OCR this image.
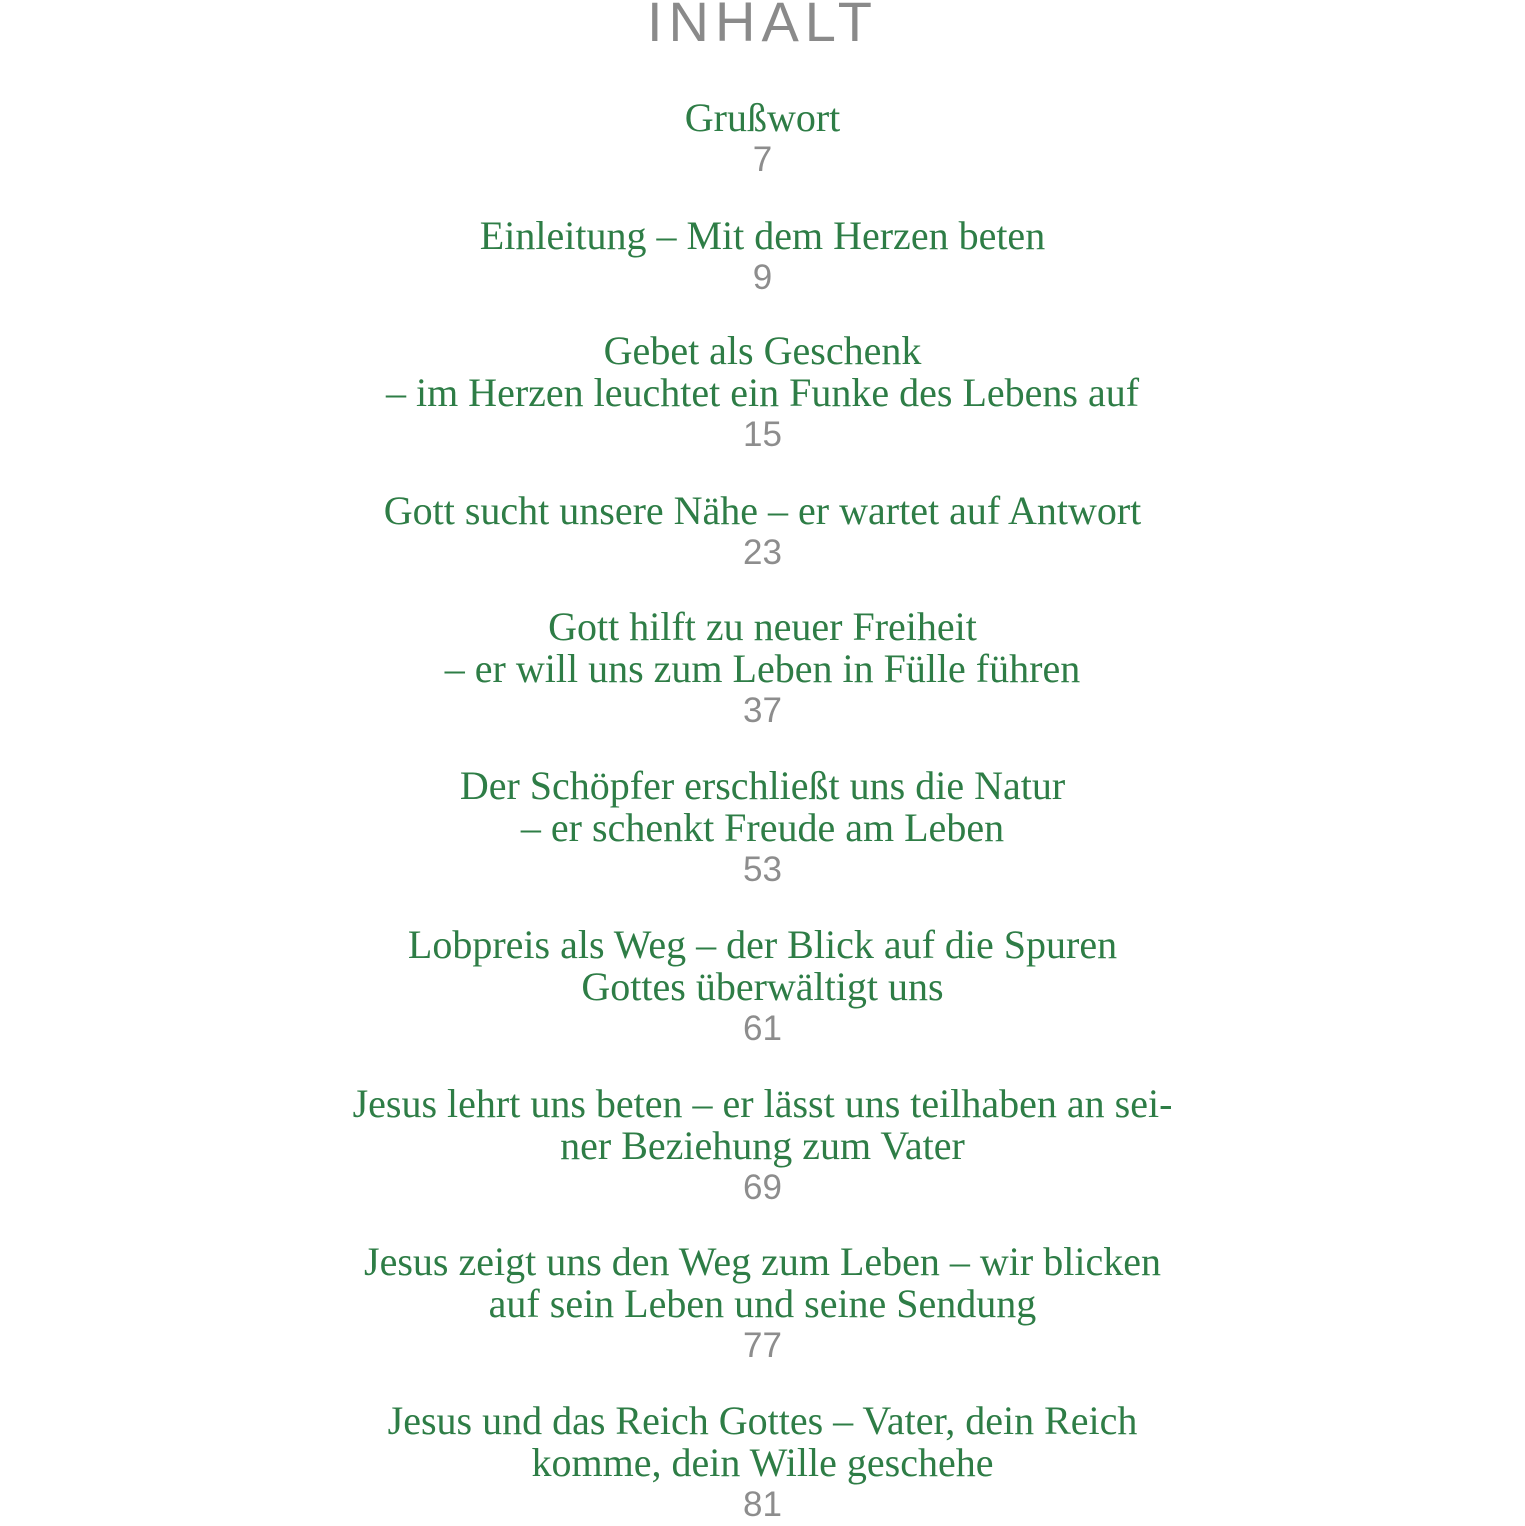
INHALT
Grußwort
7
Einleitung – Mit dem Herzen beten
9
Gebet als Geschenk
– im Herzen leuchtet ein Funke des Lebens auf
15
Gott sucht unsere Nähe – er wartet auf Antwort
23
Gott hilft zu neuer Freiheit
– er will uns zum Leben in Fülle führen
37
Der Schöpfer erschließt uns die Natur
– er schenkt Freude am Leben
53
Lobpreis als Weg – der Blick auf die Spuren
Gottes überwältigt uns
61
Jesus lehrt uns beten – er lässt uns teilhaben an sei-
ner Beziehung zum Vater
69
Jesus zeigt uns den Weg zum Leben – wir blicken
auf sein Leben und seine Sendung
77
Jesus und das Reich Gottes – Vater, dein Reich
komme, dein Wille geschehe
81
